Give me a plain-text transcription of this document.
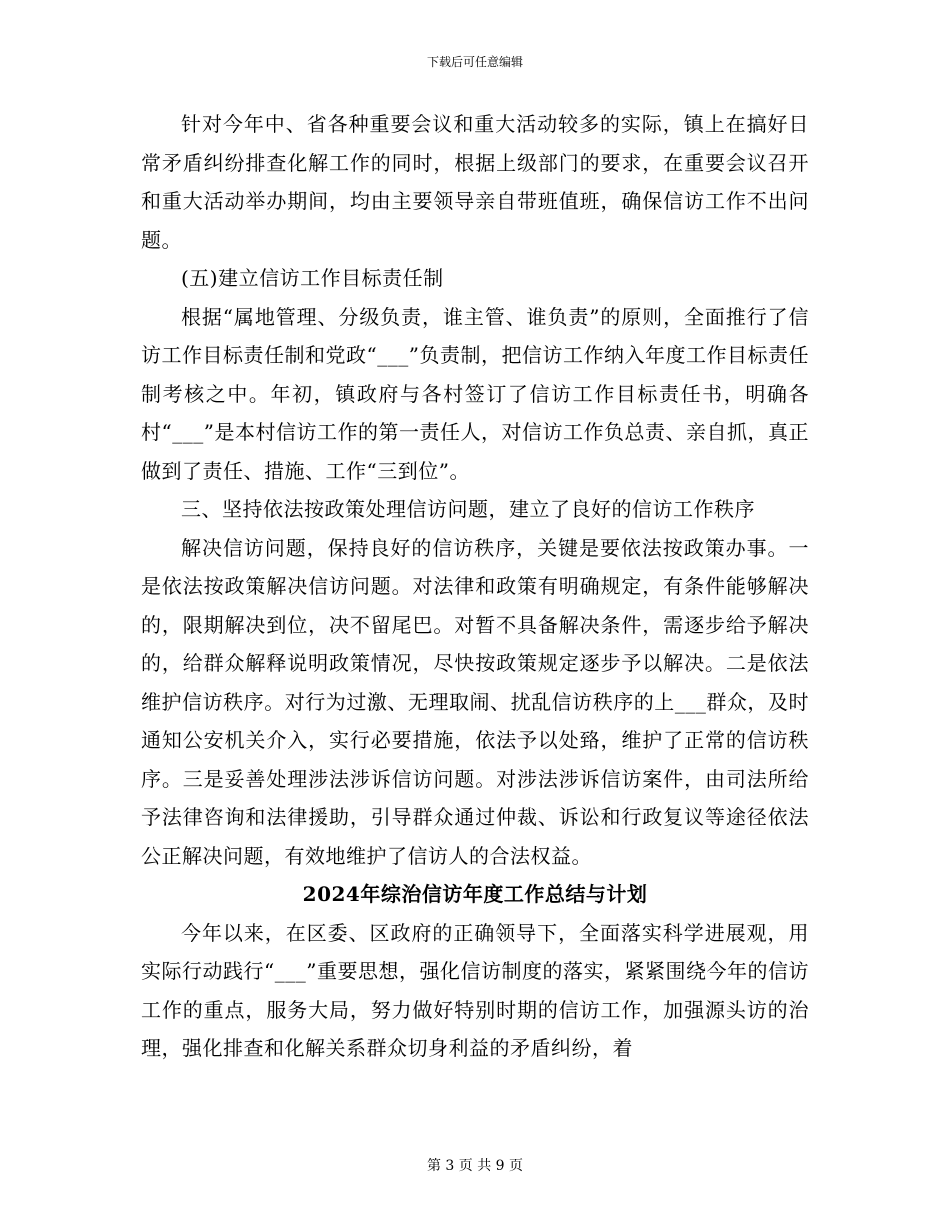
下载后可任意编辑

针对今年中、省各种重要会议和重大活动较多的实际，镇上在搞好日常矛盾纠纷排查化解工作的同时，根据上级部门的要求，在重要会议召开和重大活动举办期间，均由主要领导亲自带班值班，确保信访工作不出问题。

(五)建立信访工作目标责任制

根据“属地管理、分级负责，谁主管、谁负责”的原则，全面推行了信访工作目标责任制和党政“___”负责制，把信访工作纳入年度工作目标责任制考核之中。年初，镇政府与各村签订了信访工作目标责任书，明确各村“___”是本村信访工作的第一责任人，对信访工作负总责、亲自抓，真正做到了责任、措施、工作“三到位”。

三、坚持依法按政策处理信访问题，建立了良好的信访工作秩序

解决信访问题，保持良好的信访秩序，关键是要依法按政策办事。一是依法按政策解决信访问题。对法律和政策有明确规定，有条件能够解决的，限期解决到位，决不留尾巴。对暂不具备解决条件，需逐步给予解决的，给群众解释说明政策情况，尽快按政策规定逐步予以解决。二是依法维护信访秩序。对行为过激、无理取闹、扰乱信访秩序的上___群众，及时通知公安机关介入，实行必要措施，依法予以处臵，维护了正常的信访秩序。三是妥善处理涉法涉诉信访问题。对涉法涉诉信访案件，由司法所给予法律咨询和法律援助，引导群众通过仲裁、诉讼和行政复议等途径依法公正解决问题，有效地维护了信访人的合法权益。

2024年综治信访年度工作总结与计划

今年以来，在区委、区政府的正确领导下，全面落实科学进展观，用实际行动践行“___”重要思想，强化信访制度的落实，紧紧围绕今年的信访工作的重点，服务大局，努力做好特别时期的信访工作，加强源头访的治理，强化排查和化解关系群众切身利益的矛盾纠纷，着

第 3 页 共 9 页
